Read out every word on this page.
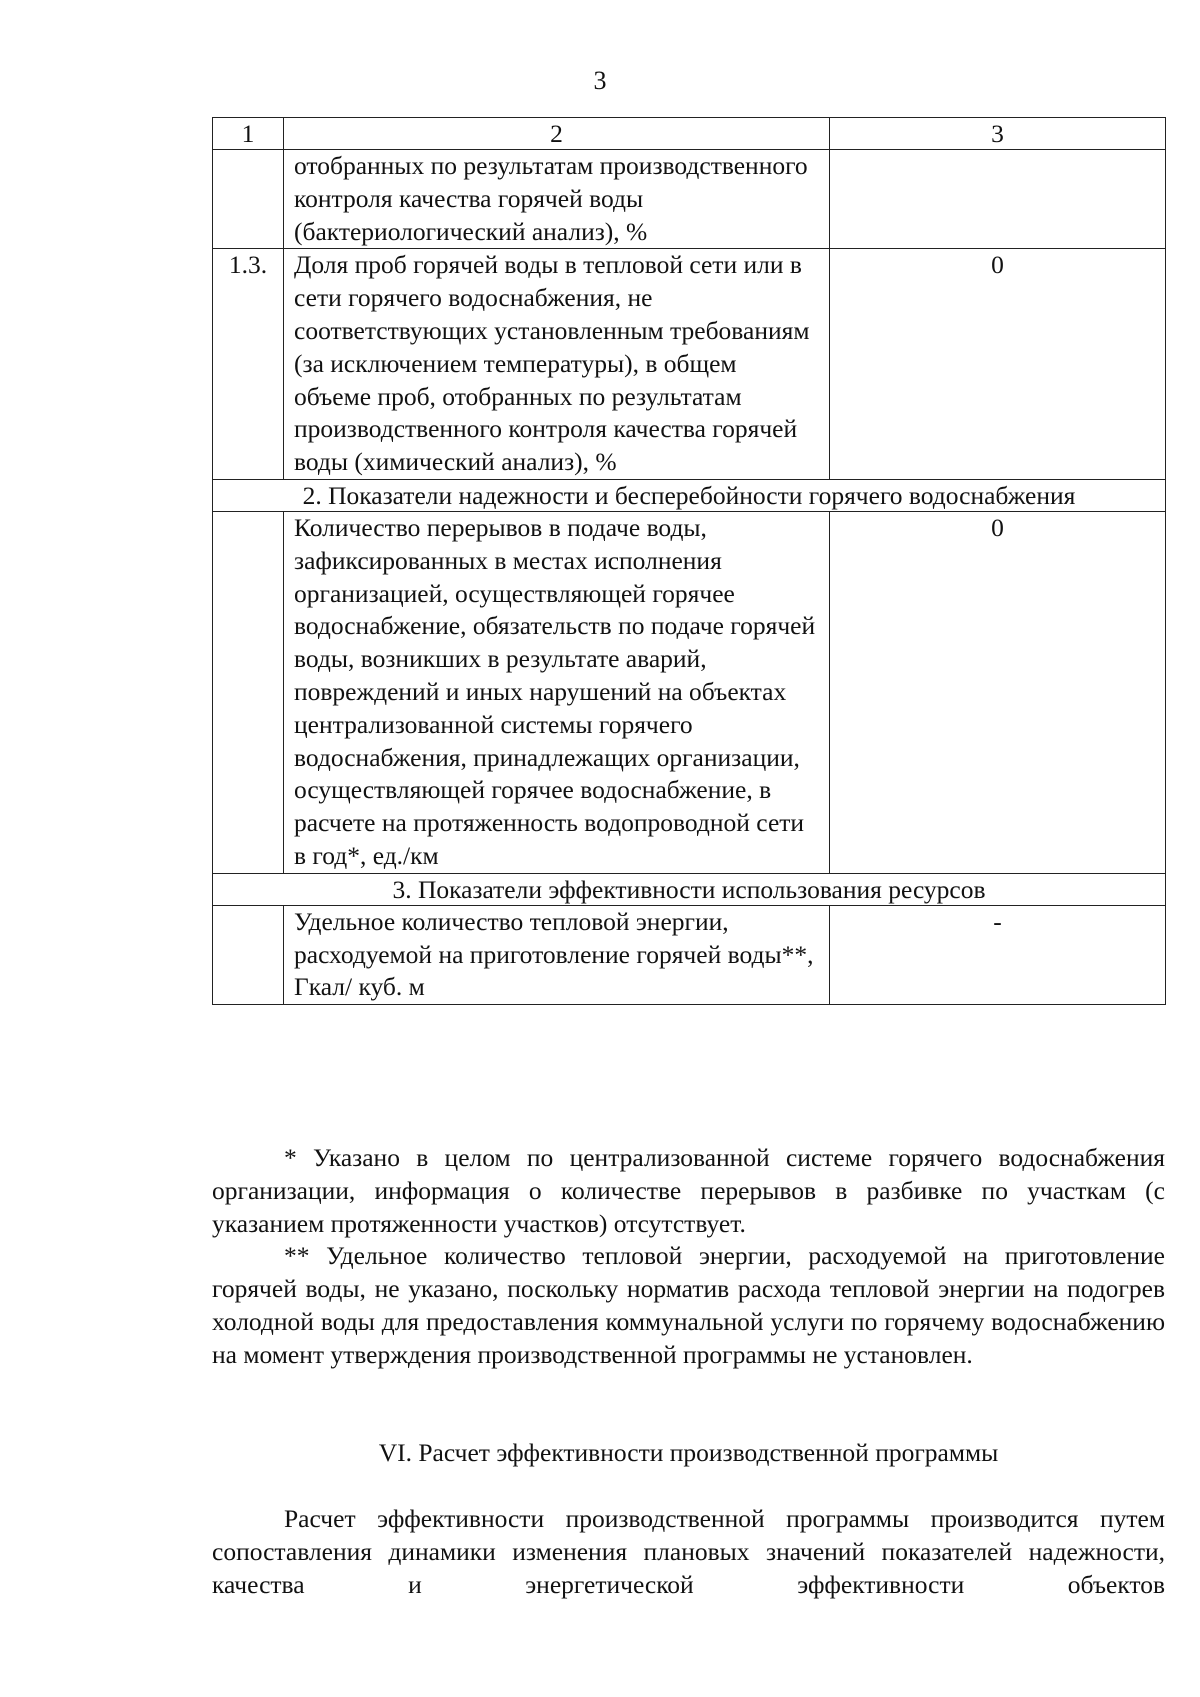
3
1	2	3
	отобранных по результатам производственного контроля качества горячей воды (бактериологический анализ), %	
1.3.	Доля проб горячей воды в тепловой сети или в сети горячего водоснабжения, не соответствующих установленным требованиям (за исключением температуры), в общем объеме проб, отобранных по результатам производственного контроля качества горячей воды (химический анализ), %	0
2. Показатели надежности и бесперебойности горячего водоснабжения		
	Количество перерывов в подаче воды, зафиксированных в местах исполнения организацией, осуществляющей горячее водоснабжение, обязательств по подаче горячей воды, возникших в результате аварий, повреждений и иных нарушений на объектах централизованной системы горячего водоснабжения, принадлежащих организации, осуществляющей горячее водоснабжение, в расчете на протяженность водопроводной сети в год*, ед./км	0
3. Показатели эффективности использования ресурсов		
	Удельное количество тепловой энергии, расходуемой на приготовление горячей воды**, Гкал/ куб. м	-

* Указано в целом по централизованной системе горячего водоснабжения организации, информация о количестве перерывов в разбивке по участкам (с указанием протяженности участков) отсутствует.

** Удельное количество тепловой энергии, расходуемой на приготовление горячей воды, не указано, поскольку норматив расхода тепловой энергии на подогрев холодной воды для предоставления коммунальной услуги по горячему водоснабжению на момент утверждения производственной программы не установлен.

VI. Расчет эффективности производственной программы

Расчет эффективности производственной программы производится путем сопоставления динамики изменения плановых значений показателей надежности, качества и энергетической эффективности объектов
